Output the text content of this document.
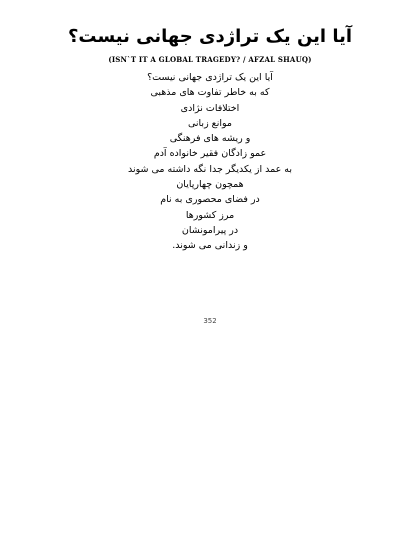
آیا این یک تراژدی جهانی نیست؟

(ISN`T IT A GLOBAL TRAGEDY? / AFZAL SHAUQ)

آیا این یک تراژدی جهانی نیست؟
که به خاطر تفاوت های مذهبی
اختلافات نژادی
موانع زبانی
و ریشه های فرهنگی
عمو زادگان فقیر خانواده آدم
به عمد از یکدیگر جدا نگه داشته می شوند
همچون چهارپایان
در فضای محصوری به نام
مرز کشورها
در پیرامونشان
و زندانی می شوند.

352
